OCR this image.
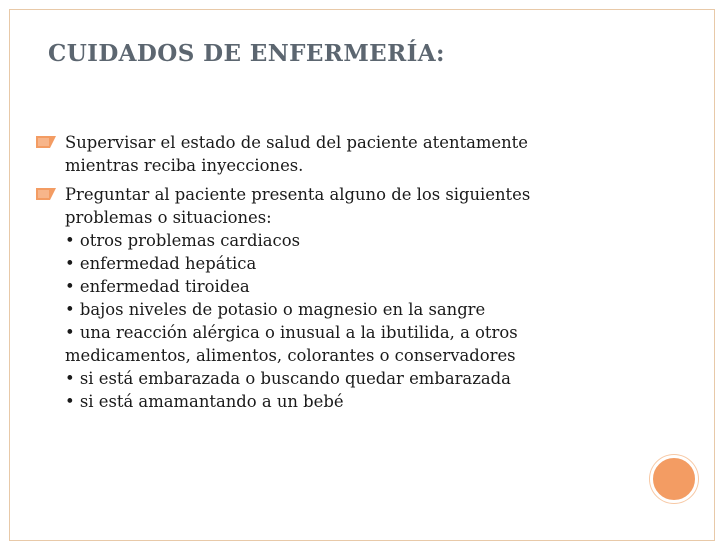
CUIDADOS DE ENFERMERÍA:
Supervisar el estado de salud del paciente atentamente
mientras reciba inyecciones.
Preguntar al paciente presenta alguno de los siguientes
problemas o situaciones:
• otros problemas cardiacos
• enfermedad hepática
• enfermedad tiroidea
• bajos niveles de potasio o magnesio en la sangre
• una reacción alérgica o inusual a la ibutilida, a otros
medicamentos, alimentos, colorantes o conservadores
• si está embarazada o buscando quedar embarazada
• si está amamantando a un bebé
